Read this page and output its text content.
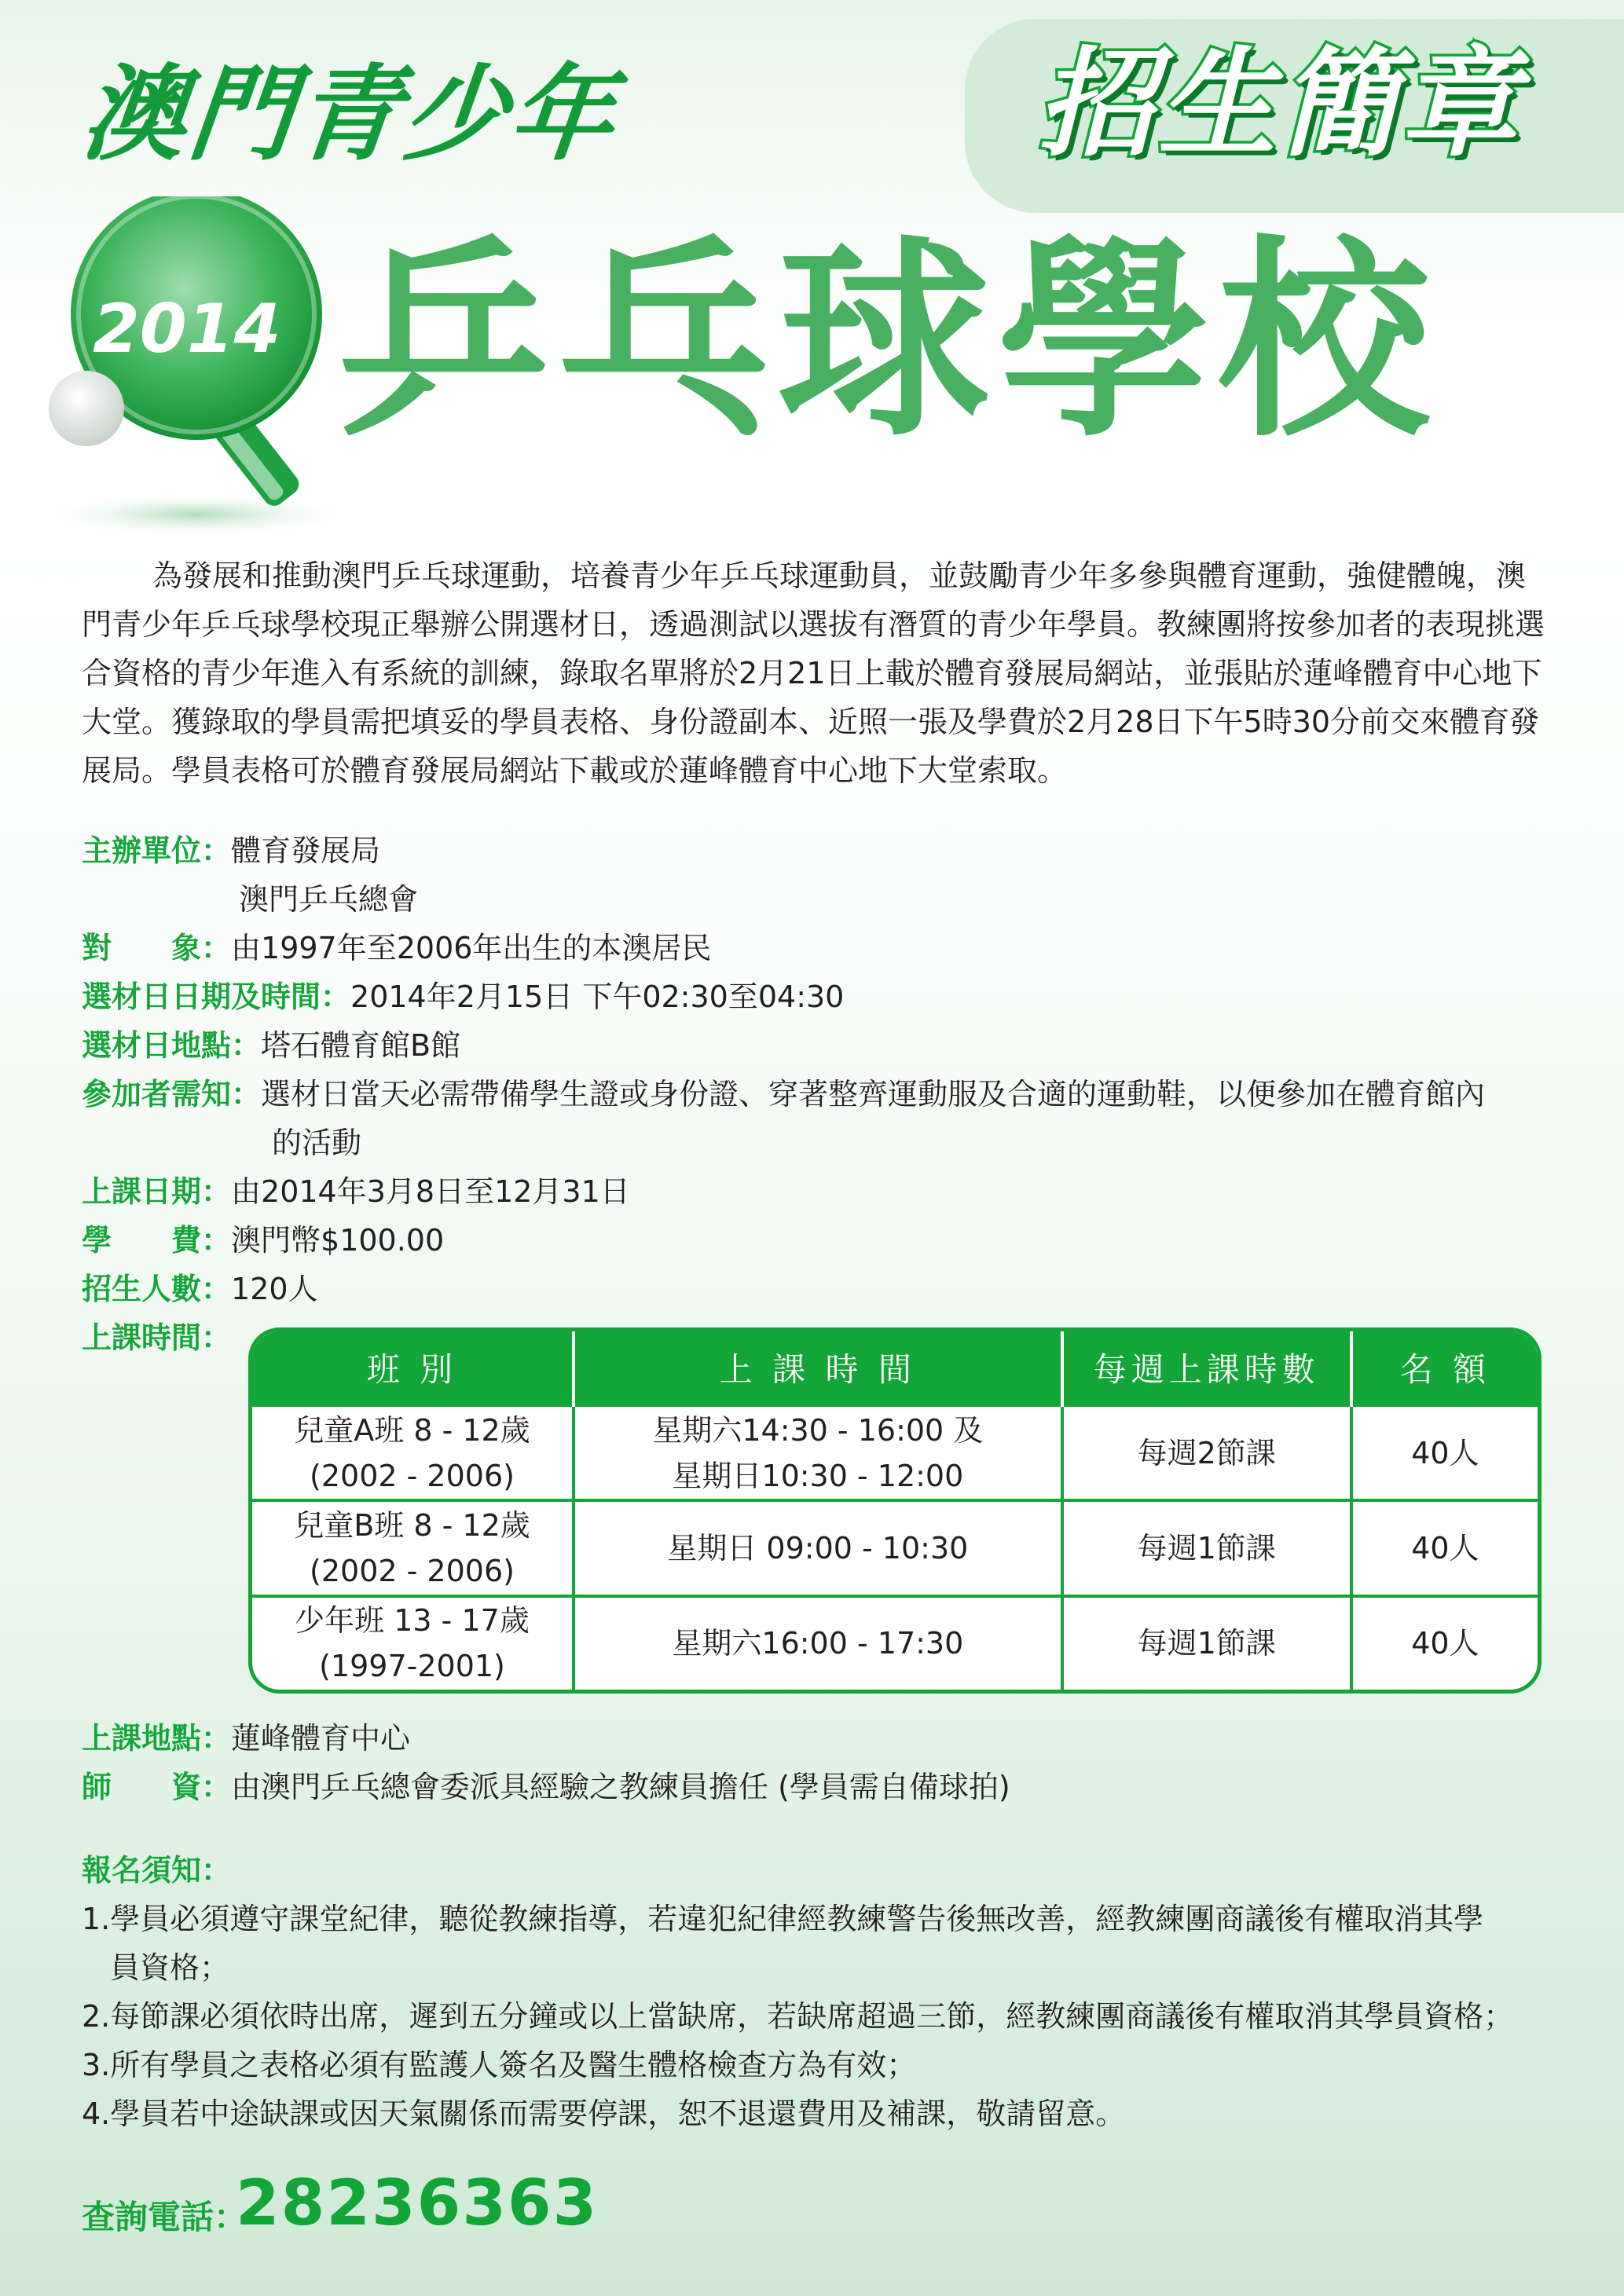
招生簡章
澳門青少年
2014 乒乓球學校

為發展和推動澳門乒乓球運動，培養青少年乒乓球運動員，並鼓勵青少年多參與體育運動，強健體魄，澳門青少年乒乓球學校現正舉辦公開選材日，透過測試以選拔有潛質的青少年學員。教練團將按參加者的表現挑選合資格的青少年進入有系統的訓練，錄取名單將於2月21日上載於體育發展局網站，並張貼於蓮峰體育中心地下大堂。獲錄取的學員需把填妥的學員表格、身份證副本、近照一張及學費於2月28日下午5時30分前交來體育發展局。學員表格可於體育發展局網站下載或於蓮峰體育中心地下大堂索取。

主辦單位：體育發展局
澳門乒乓總會
對　　象：由1997年至2006年出生的本澳居民
選材日日期及時間：2014年2月15日 下午02:30至04:30
選材日地點：塔石體育館B館
參加者需知：選材日當天必需帶備學生證或身份證、穿著整齊運動服及合適的運動鞋，以便參加在體育館內
的活動
上課日期：由2014年3月8日至12月31日
學　　費：澳門幣$100.00
招生人數：120人
上課時間：
班 別	上 課 時 間	每週上課時數	名 額

兒童A班 8 - 12歲
(2002 - 2006)	星期六14:30 - 16:00 及
星期日10:30 - 12:00	每週2節課	40人

兒童B班 8 - 12歲
(2002 - 2006)	星期日 09:00 - 10:30	每週1節課	40人

少年班 13 - 17歲
(1997-2001)	星期六16:00 - 17:30	每週1節課	40人
上課地點：蓮峰體育中心
師　　資：由澳門乒乓總會委派具經驗之教練員擔任 (學員需自備球拍)
報名須知：
1.學員必須遵守課堂紀律，聽從教練指導，若違犯紀律經教練警告後無改善，經教練團商議後有權取消其學
員資格；
2.每節課必須依時出席，遲到五分鐘或以上當缺席，若缺席超過三節，經教練團商議後有權取消其學員資格；
3.所有學員之表格必須有監護人簽名及醫生體格檢查方為有效；
4.學員若中途缺課或因天氣關係而需要停課，恕不退還費用及補課，敬請留意。
查詢電話：
28236363
